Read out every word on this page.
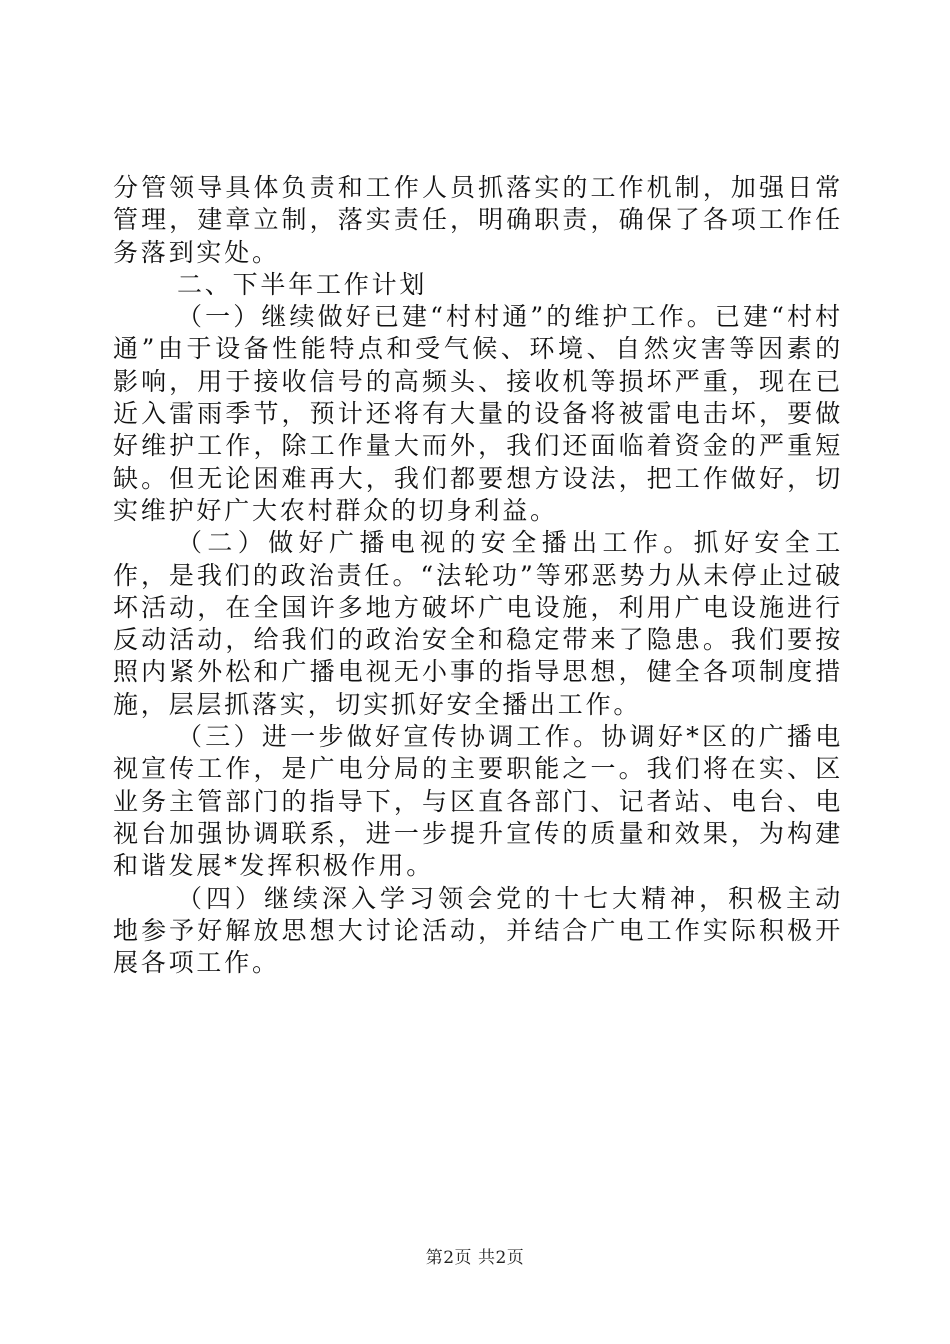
分管领导具体负责和工作人员抓落实的工作机制，加强日常管理，建章立制，落实责任，明确职责，确保了各项工作任务落到实处。

二、下半年工作计划

（一）继续做好已建“村村通”的维护工作。已建“村村通”由于设备性能特点和受气候、环境、自然灾害等因素的影响，用于接收信号的高频头、接收机等损坏严重，现在已近入雷雨季节，预计还将有大量的设备将被雷电击坏，要做好维护工作，除工作量大而外，我们还面临着资金的严重短缺。但无论困难再大，我们都要想方设法，把工作做好，切实维护好广大农村群众的切身利益。

（二）做好广播电视的安全播出工作。抓好安全工作，是我们的政治责任。“法轮功”等邪恶势力从未停止过破坏活动，在全国许多地方破坏广电设施，利用广电设施进行反动活动，给我们的政治安全和稳定带来了隐患。我们要按照内紧外松和广播电视无小事的指导思想，健全各项制度措施，层层抓落实，切实抓好安全播出工作。

（三）进一步做好宣传协调工作。协调好*区的广播电视宣传工作，是广电分局的主要职能之一。我们将在实、区业务主管部门的指导下，与区直各部门、记者站、电台、电视台加强协调联系，进一步提升宣传的质量和效果，为构建和谐发展*发挥积极作用。

（四）继续深入学习领会党的十七大精神，积极主动地参予好解放思想大讨论活动，并结合广电工作实际积极开展各项工作。

第2页 共2页
